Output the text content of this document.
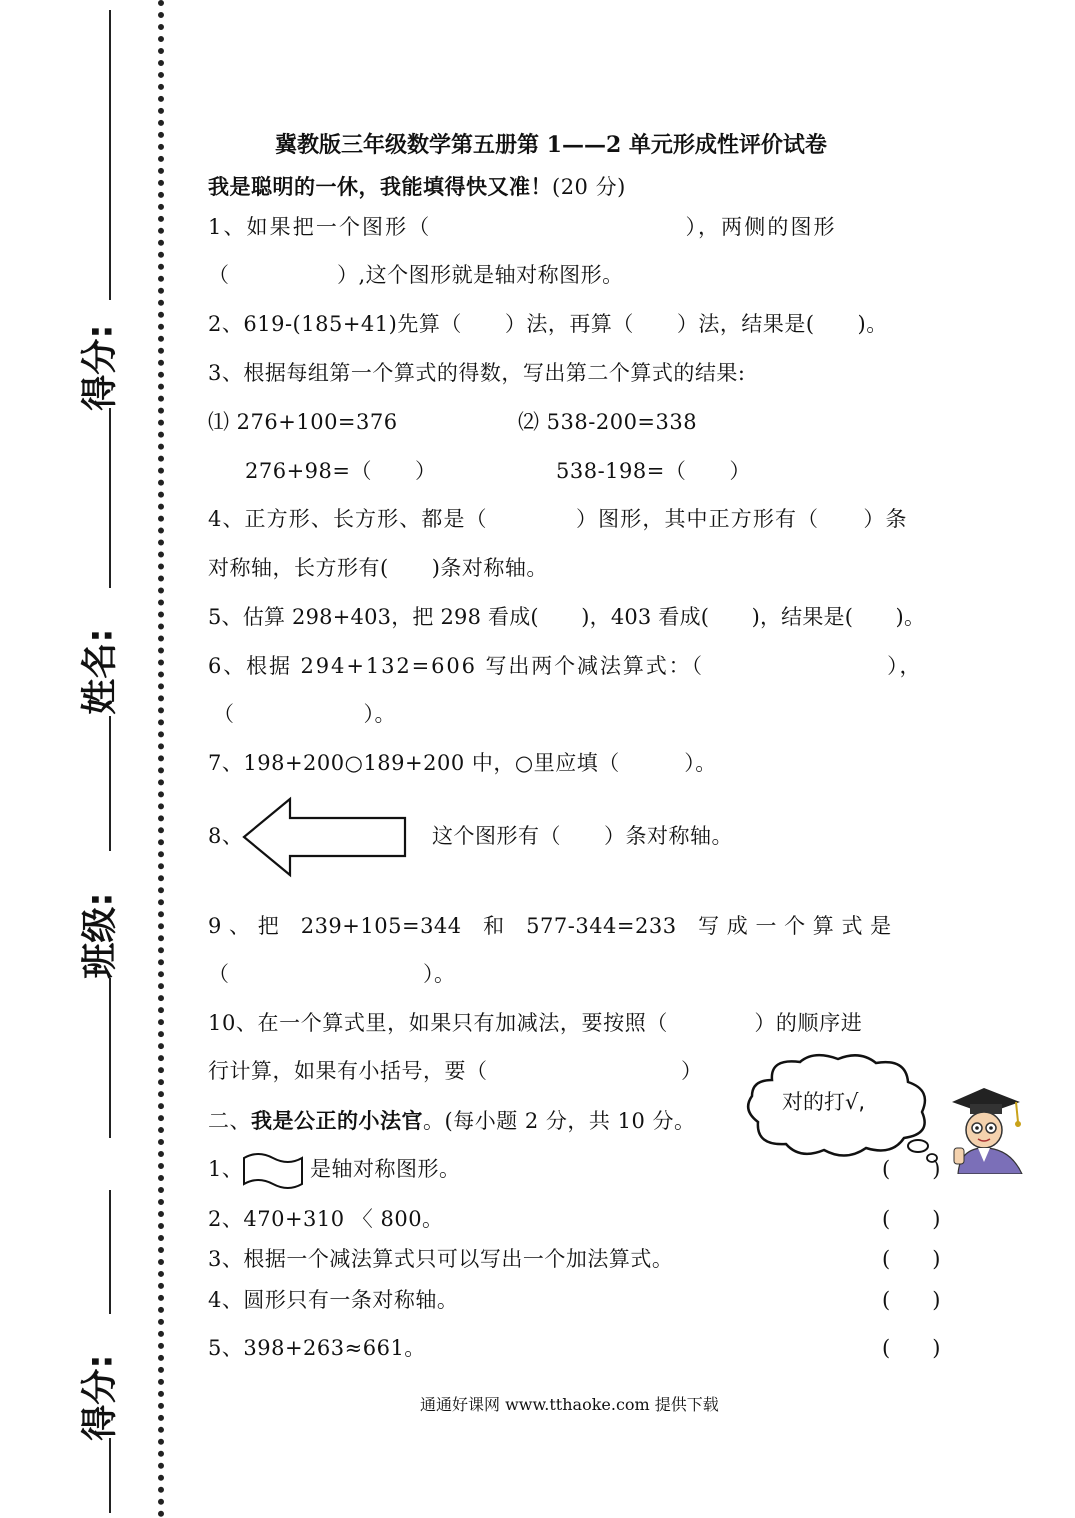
得分:
姓名:
班级:
得分:
冀教版三年级数学第五册第 1——2 单元形成性评价试卷
我是聪明的一休，我能填得快又准！(20 分)
1、如果把一个图形（　　　　　　　　　　　），两侧的图形
（　　　　　）,这个图形就是轴对称图形。
2、619-(185+41)先算（　　）法，再算（　　）法，结果是(　　)。
3、根据每组第一个算式的得数，写出第二个算式的结果:
⑴ 276+100=376	⑵ 538-200=338
276+98=（　　）	538-198=（　　）
4、正方形、长方形、都是（　　　　）图形，其中正方形有（　　）条
对称轴，长方形有(　　)条对称轴。
5、估算 298+403，把 298 看成(　　)，403 看成(　　)，结果是(　　)。
6、根据 294+132=606 写出两个减法算式：（　　　　　　　　），
（　　　　　　）。
7、198+200○189+200 中，○里应填（　　　）。
8、	这个图形有（　　）条对称轴。
9 、 把　239+105=344　和　577-344=233　写 成 一 个 算 式 是
（　　　　　　　　　）。
10、在一个算式里，如果只有加减法，要按照（　　　　）的顺序进
行计算，如果有小括号，要（　　　　　　　　　）
二、我是公正的小法官。(每小题 2 分，共 10 分。
对的打√,
1、	是轴对称图形。	(　　)
2、470+310 〈 800。	(　　)
3、根据一个减法算式只可以写出一个加法算式。	(　　)
4、圆形只有一条对称轴。	(　　)
5、398+263≈661。	(　　)
通通好课网 www.tthaoke.com 提供下载
